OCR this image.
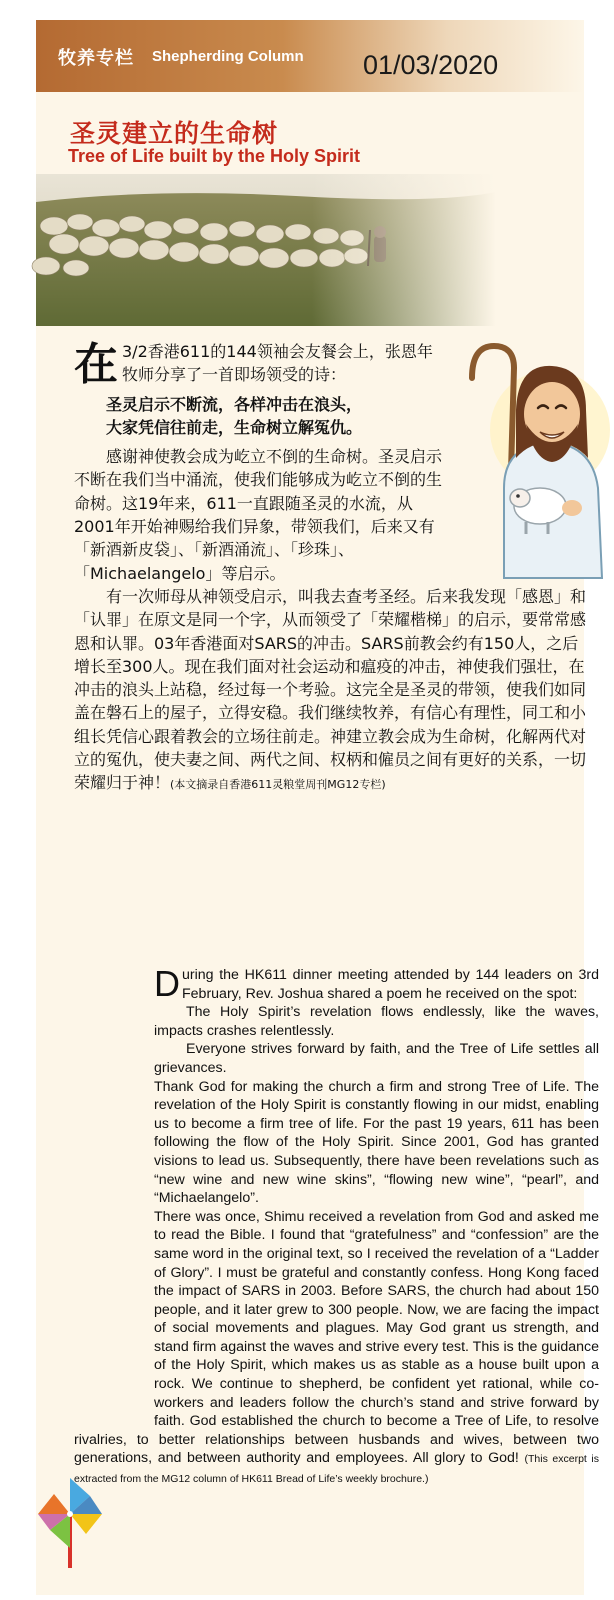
牧养专栏 Shepherding Column 01/03/2020
圣灵建立的生命树
Tree of Life built by the Holy Spirit

在 3/2香港611的144领袖会友餐会上，张恩年牧师分享了一首即场领受的诗：

圣灵启示不断流，各样冲击在浪头，

大家凭信往前走，生命树立解冤仇。

感谢神使教会成为屹立不倒的生命树。圣灵启示不断在我们当中涌流，使我们能够成为屹立不倒的生命树。这19年来，611一直跟随圣灵的水流，从2001年开始神赐给我们异象，带领我们，后来又有「新酒新皮袋」、「新酒涌流」、「珍珠」、「Michaelangelo」等启示。

有一次师母从神领受启示，叫我去查考圣经。后来我发现「感恩」和「认罪」在原文是同一个字，从而领受了「荣耀楷梯」的启示，要常常感恩和认罪。03年香港面对SARS的冲击。SARS前教会约有150人，之后增长至300人。现在我们面对社会运动和瘟疫的冲击，神使我们强壮，在冲击的浪头上站稳，经过每一个考验。这完全是圣灵的带领，使我们如同盖在磐石上的屋子，立得安稳。我们继续牧养，有信心有理性，同工和小组长凭信心跟着教会的立场往前走。神建立教会成为生命树，化解两代对立的冤仇，使夫妻之间、两代之间、权柄和僱员之间有更好的关系，一切荣耀归于神！(本文摘录自香港611灵粮堂周刊MG12专栏)

During the HK611 dinner meeting attended by 144 leaders on 3rd February, Rev. Joshua shared a poem he received on the spot:

The Holy Spirit’s revelation flows endlessly, like the waves, impacts crashes relentlessly.

Everyone strives forward by faith, and the Tree of Life settles all grievances.

Thank God for making the church a firm and strong Tree of Life. The revelation of the Holy Spirit is constantly flowing in our midst, enabling us to become a firm tree of life. For the past 19 years, 611 has been following the flow of the Holy Spirit. Since 2001, God has granted visions to lead us. Subsequently, there have been revelations such as “new wine and new wine skins”, “flowing new wine”, “pearl”, and “Michaelangelo”.

There was once, Shimu received a revelation from God and asked me to read the Bible. I found that “gratefulness” and “confession” are the same word in the original text, so I received the revelation of a “Ladder of Glory”. I must be grateful and constantly confess. Hong Kong faced the impact of SARS in 2003. Before SARS, the church had about 150 people, and it later grew to 300 people. Now, we are facing the impact of social movements and plagues. May God grant us strength, and stand firm against the waves and strive every test. This is the guidance of the Holy Spirit, which makes us as stable as a house built upon a rock. We continue to shepherd, be confident yet rational, while co-workers and leaders follow the church’s stand and strive forward by faith. God established the church to become a Tree of Life, to resolve rivalries, to better relationships between husbands and wives, between two generations, and between authority and employees. All glory to God! (This excerpt is extracted from the MG12 column of HK611 Bread of Life’s weekly brochure.)
